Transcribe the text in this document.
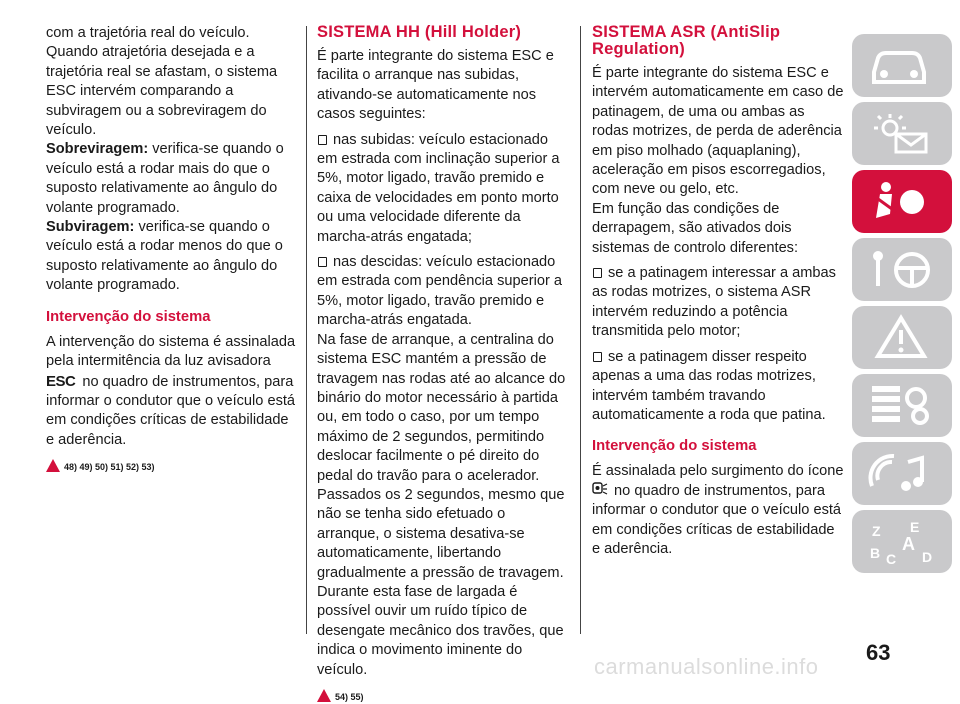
com a trajetória real do veículo. Quando atrajetória desejada e a trajetória real se afastam, o sistema ESC intervém comparando a subviragem ou a sobreviragem do veículo.

Sobreviragem: verifica-se quando o veículo está a rodar mais do que o suposto relativamente ao ângulo do volante programado.

Subviragem: verifica-se quando o veículo está a rodar menos do que o suposto relativamente ao ângulo do volante programado.

Intervenção do sistema

A intervenção do sistema é assinalada pela intermitência da luz avisadora
ESC no quadro de instrumentos, para informar o condutor que o veículo está em condições críticas de estabilidade e aderência.

48) 49) 50) 51) 52) 53)
SISTEMA HH (Hill Holder)

É parte integrante do sistema ESC e facilita o arranque nas subidas, ativando-se automaticamente nos casos seguintes:

nas subidas: veículo estacionado em estrada com inclinação superior a 5%, motor ligado, travão premido e caixa de velocidades em ponto morto ou uma velocidade diferente da marcha-atrás engatada;

nas descidas: veículo estacionado em estrada com pendência superior a 5%, motor ligado, travão premido e marcha-atrás engatada.

Na fase de arranque, a centralina do sistema ESC mantém a pressão de travagem nas rodas até ao alcance do binário do motor necessário à partida ou, em todo o caso, por um tempo máximo de 2 segundos, permitindo deslocar facilmente o pé direito do pedal do travão para o acelerador. Passados os 2 segundos, mesmo que não se tenha sido efetuado o arranque, o sistema desativa-se automaticamente, libertando gradualmente a pressão de travagem. Durante esta fase de largada é possível ouvir um ruído típico de desengate mecânico dos travões, que indica o movimento iminente do veículo.

54) 55)
SISTEMA ASR (AntiSlip Regulation)

É parte integrante do sistema ESC e intervém automaticamente em caso de patinagem, de uma ou ambas as rodas motrizes, de perda de aderência em piso molhado (aquaplaning), aceleração em pisos escorregadios, com neve ou gelo, etc.

Em função das condições de derrapagem, são ativados dois sistemas de controlo diferentes:

se a patinagem interessar a ambas as rodas motrizes, o sistema ASR intervém reduzindo a potência transmitida pelo motor;

se a patinagem disser respeito apenas a uma das rodas motrizes, intervém também travando automaticamente a roda que patina.

Intervenção do sistema

É assinalada pelo surgimento do ícone
no quadro de instrumentos, para informar o condutor que o veículo está em condições críticas de estabilidade e aderência.

Z E
A
B C D
63
carmanualsonline.info
